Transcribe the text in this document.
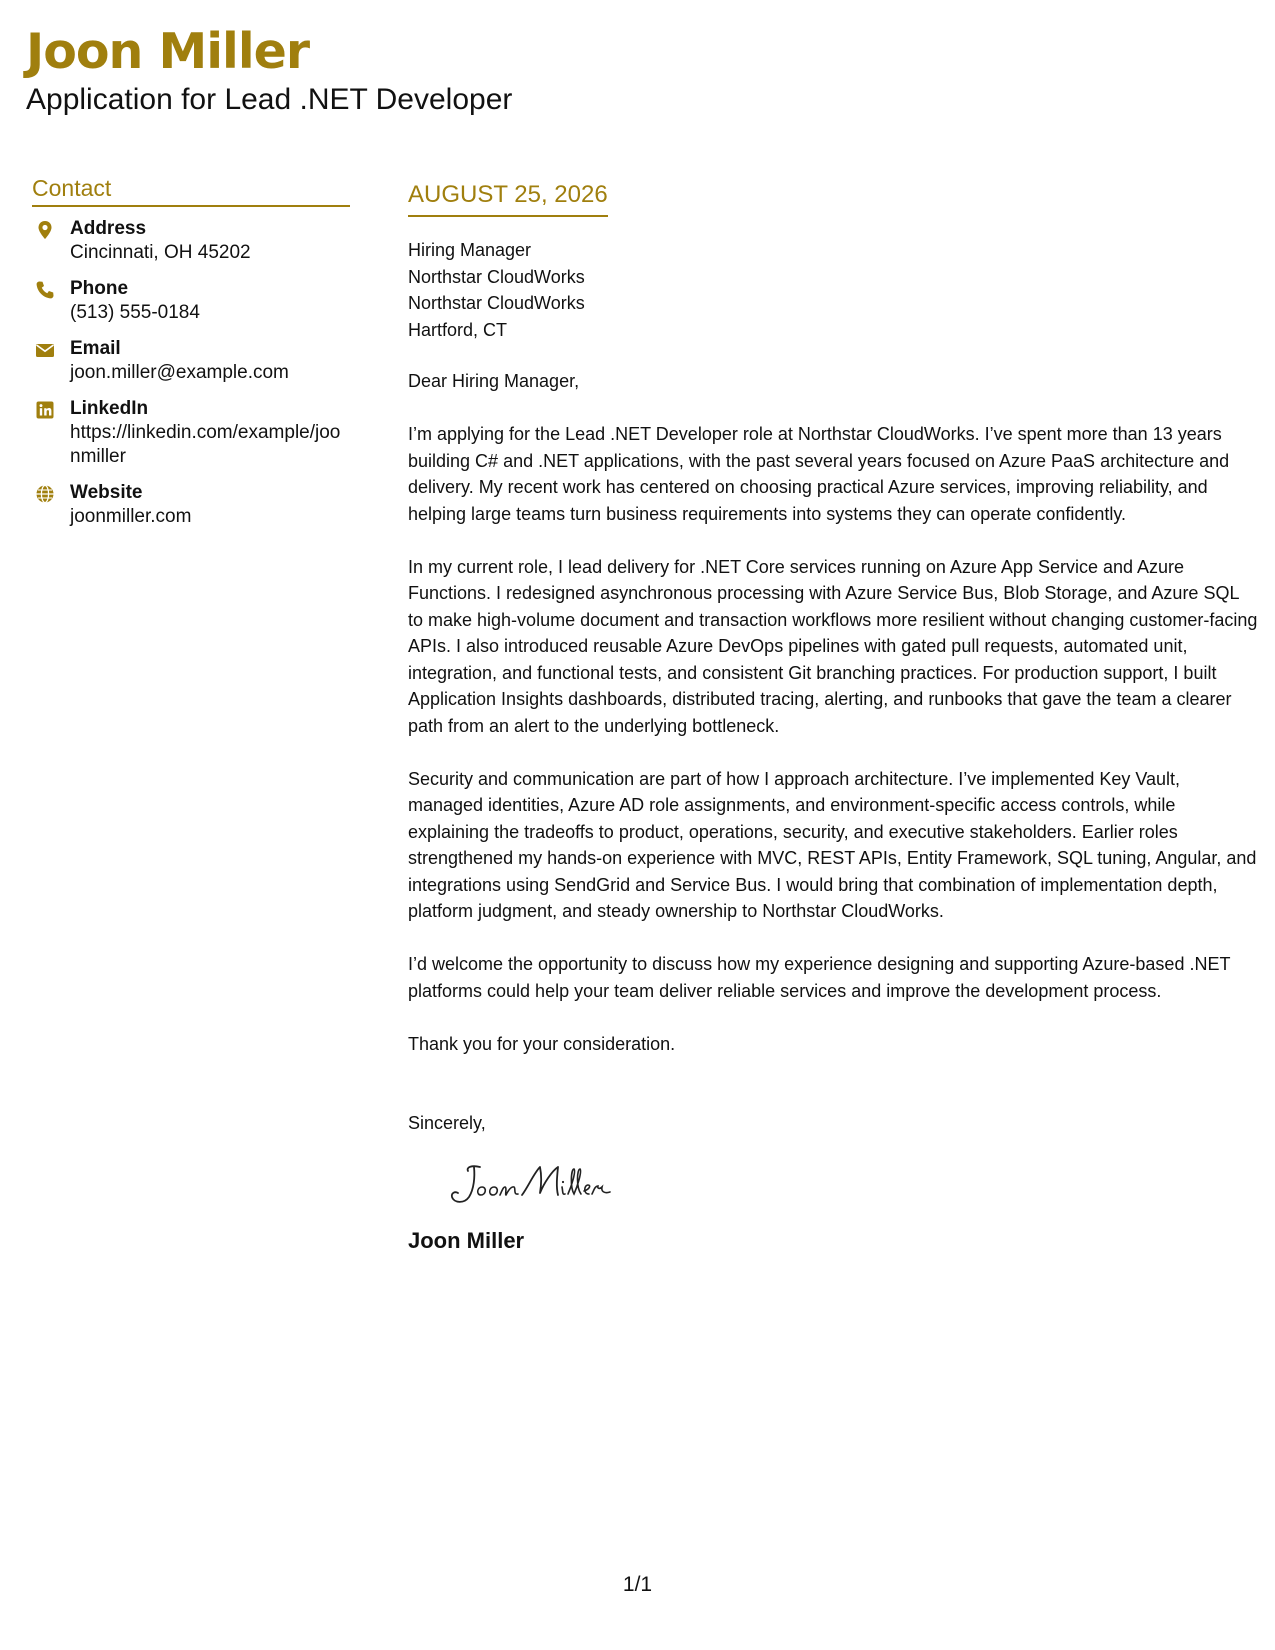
Joon Miller
Application for Lead .NET Developer
Contact
Address
Cincinnati, OH 45202
Phone
(513) 555-0184
Email
joon.miller@example.com
LinkedIn
https://linkedin.com/example/joonmiller
Website
joonmiller.com
AUGUST 25, 2026
Hiring Manager
Northstar CloudWorks
Northstar CloudWorks
Hartford, CT
Dear Hiring Manager,

I’m applying for the Lead .NET Developer role at Northstar CloudWorks. I’ve spent more than 13 years building C# and .NET applications, with the past several years focused on Azure PaaS architecture and delivery. My recent work has centered on choosing practical Azure services, improving reliability, and helping large teams turn business requirements into systems they can operate confidently.

In my current role, I lead delivery for .NET Core services running on Azure App Service and Azure Functions. I redesigned asynchronous processing with Azure Service Bus, Blob Storage, and Azure SQL to make high-volume document and transaction workflows more resilient without changing customer-facing APIs. I also introduced reusable Azure DevOps pipelines with gated pull requests, automated unit, integration, and functional tests, and consistent Git branching practices. For production support, I built Application Insights dashboards, distributed tracing, alerting, and runbooks that gave the team a clearer path from an alert to the underlying bottleneck.

Security and communication are part of how I approach architecture. I’ve implemented Key Vault, managed identities, Azure AD role assignments, and environment-specific access controls, while explaining the tradeoffs to product, operations, security, and executive stakeholders. Earlier roles strengthened my hands-on experience with MVC, REST APIs, Entity Framework, SQL tuning, Angular, and integrations using SendGrid and Service Bus. I would bring that combination of implementation depth, platform judgment, and steady ownership to Northstar CloudWorks.

I’d welcome the opportunity to discuss how my experience designing and supporting Azure-based .NET platforms could help your team deliver reliable services and improve the development process.

Thank you for your consideration.

Sincerely,
Joon Miller
1/1
